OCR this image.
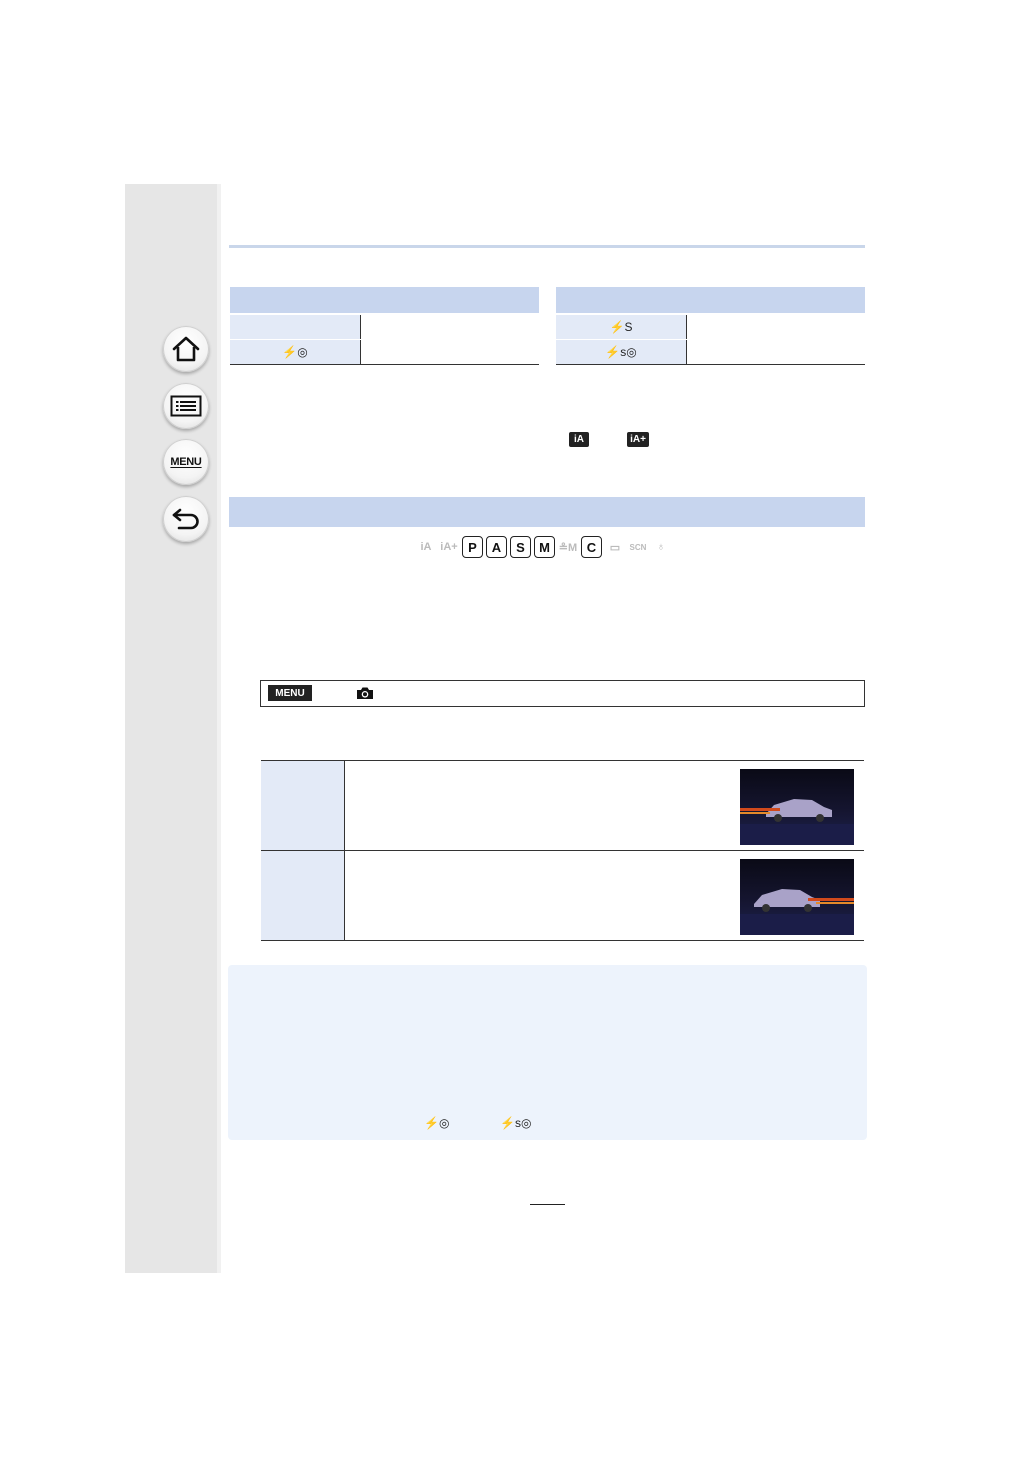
MENU

⚡◎	

⚡S	
⚡s◎	
iA	iA+
iA iA+ P	A	S	M ≗M C	▭	SCN ♁
MENU
⚡◎	⚡s◎
